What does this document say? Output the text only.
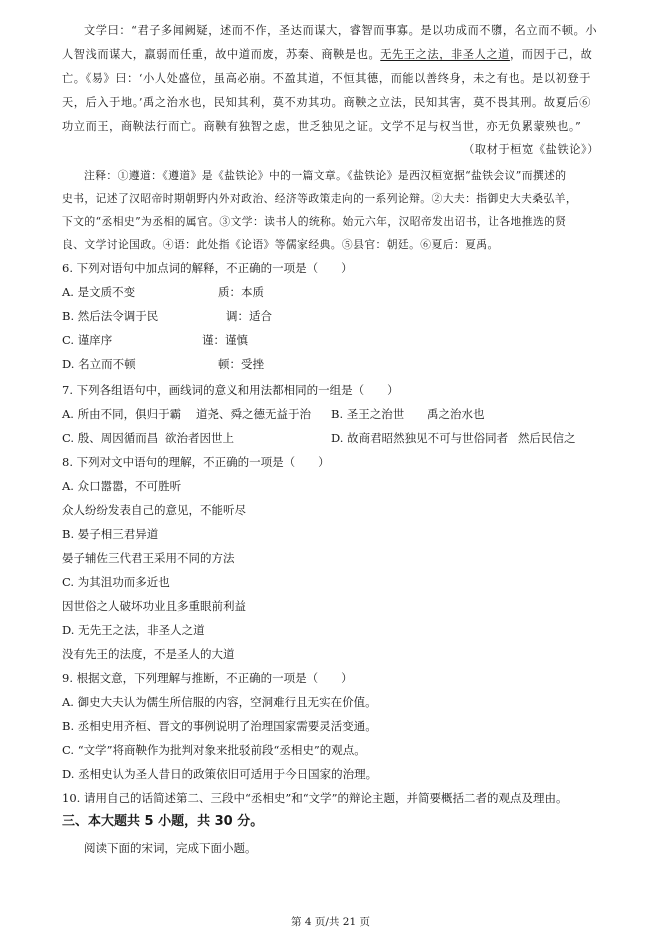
文学曰：“君子多闻阙疑，述而不作，圣达而谋大，睿智而事寡。是以功成而不隳，名立而不顿。小
人智浅而谋大，羸弱而任重，故中道而废，苏秦、商鞅是也。无先王之法，非圣人之道，而因于己，故
亡。《易》曰：‘小人处盛位，虽高必崩。不盈其道，不恒其德，而能以善终身，未之有也。是以初登于
天，后入于地。’禹之治水也，民知其利，莫不劝其功。商鞅之立法，民知其害，莫不畏其刑。故夏后⑥
功立而王，商鞅法行而亡。商鞅有独智之虑，世乏独见之证。文学不足与权当世，亦无负累蒙殃也。”
（取材于桓宽《盐铁论》）
注释：①遵道：《遵道》是《盐铁论》中的一篇文章。《盐铁论》是西汉桓宽据“盐铁会议”而撰述的
史书，记述了汉昭帝时期朝野内外对政治、经济等政策走向的一系列论辩。②大夫：指御史大夫桑弘羊，
下文的“丞相史”为丞相的属官。③文学：读书人的统称。始元六年，汉昭帝发出诏书，让各地推选的贤
良、文学讨论国政。④语：此处指《论语》等儒家经典。⑤县官：朝廷。⑥夏后：夏禹。
6. 下列对语句中加点词的解释，不正确的一项是（　　）
A. 是文质不变	质：本质
B. 然后法令调于民	调：适合
C. 谨庠序	谨：谨慎
D. 名立而不顿	顿：受挫
7. 下列各组语句中，画线词的意义和用法都相同的一组是（　　）
A. 所由不同，俱归于霸 道尧、舜之德无益于治 B. 圣王之治世 禹之治水也
C. 殷、周因循而昌 欲治者因世上	D. 故商君昭然独见不可与世俗同者 然后民信之
8. 下列对文中语句的理解，不正确的一项是（　　）
A. 众口嚣嚣，不可胜听
众人纷纷发表自己的意见，不能听尽
B. 晏子相三君异道
晏子辅佐三代君王采用不同的方法
C. 为其沮功而多近也
因世俗之人破坏功业且多重眼前利益
D. 无先王之法，非圣人之道
没有先王的法度，不是圣人的大道
9. 根据文意，下列理解与推断，不正确的一项是（　　）
A. 御史大夫认为儒生所信服的内容，空洞难行且无实在价值。
B. 丞相史用齐桓、晋文的事例说明了治理国家需要灵活变通。
C. “文学”将商鞅作为批判对象来批驳前段“丞相史”的观点。
D. 丞相史认为圣人昔日的政策依旧可适用于今日国家的治理。
10. 请用自己的话简述第二、三段中“丞相史”和“文学”的辩论主题，并简要概括二者的观点及理由。
三、本大题共 5 小题，共 30 分。
阅读下面的宋词，完成下面小题。
第 4 页/共 21 页
